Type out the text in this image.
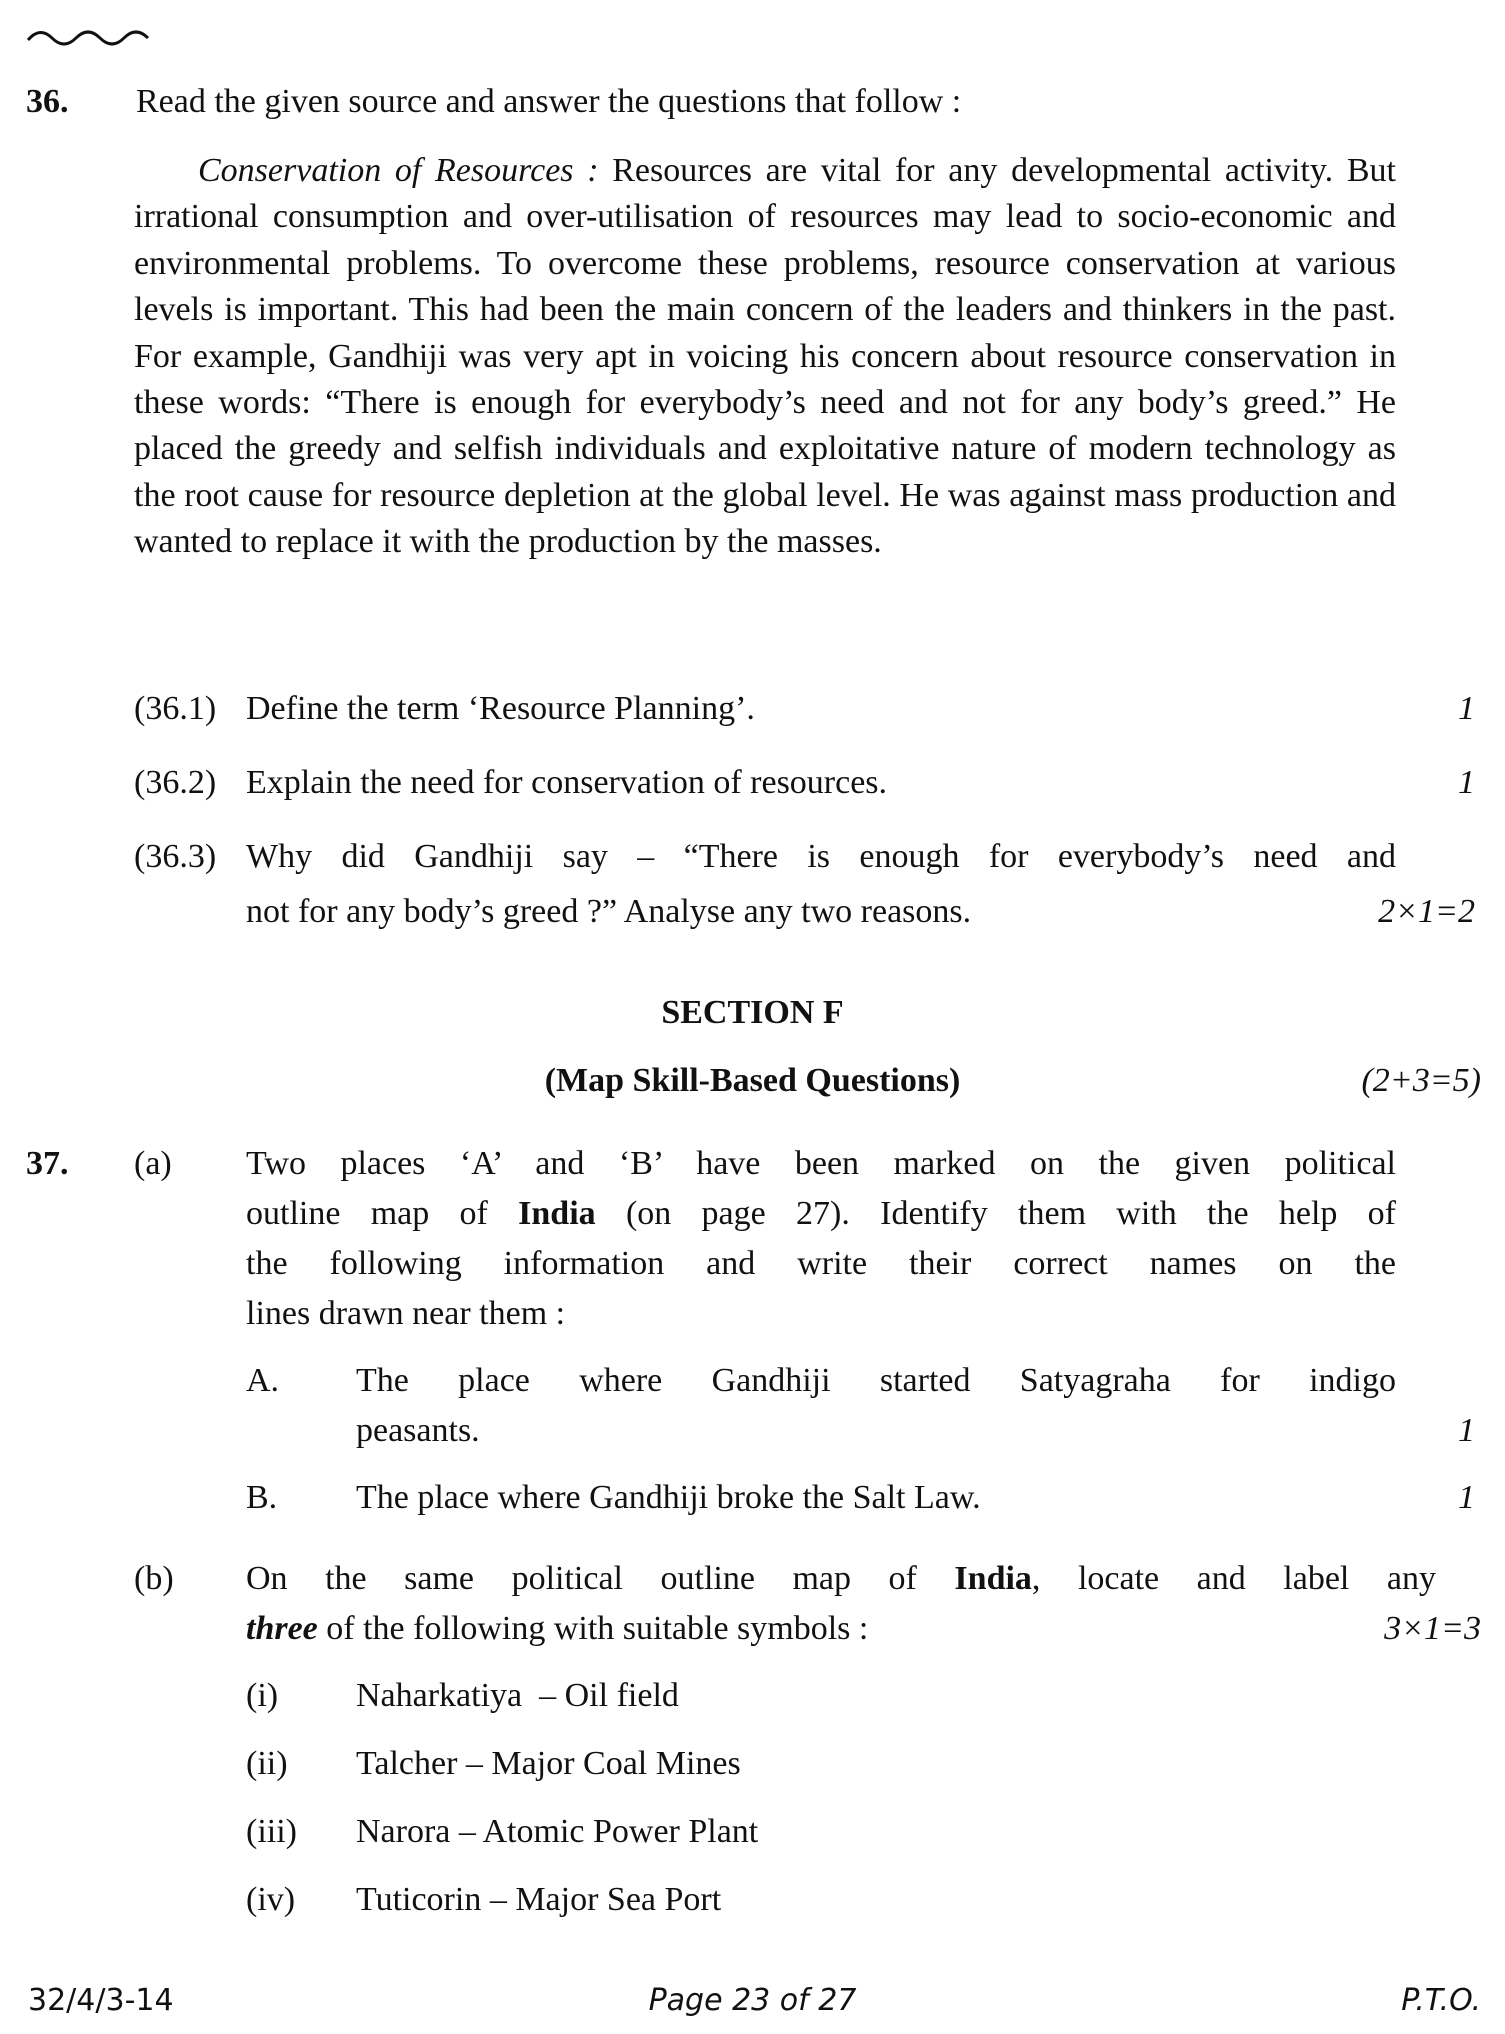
36. Read the given source and answer the questions that follow :
Conservation of Resources : Resources are vital for any developmental activity. But irrational consumption and over-utilisation of resources may lead to socio-economic and environmental problems. To overcome these problems, resource conservation at various levels is important. This had been the main concern of the leaders and thinkers in the past. For example, Gandhiji was very apt in voicing his concern about resource conservation in these words: “There is enough for everybody’s need and not for any body’s greed.” He placed the greedy and selfish individuals and exploitative nature of modern technology as the root cause for resource depletion at the global level. He was against mass production and wanted to replace it with the production by the masses.
(36.1) Define the term ‘Resource Planning’.	1
(36.2) Explain the need for conservation of resources.	1
(36.3) Why did Gandhiji say – “There is enough for everybody’s need and
not for any body’s greed ?” Analyse any two reasons.	2×1=2
SECTION F
(Map Skill-Based Questions)	(2+3=5)
37. (a) Two places ‘A’ and ‘B’ have been marked on the given political
outline map of India (on page 27). Identify them with the help of
the following information and write their correct names on the
lines drawn near them :
A. The place where Gandhiji started Satyagraha for indigo
peasants.	1
B. The place where Gandhiji broke the Salt Law.	1
(b) On the same political outline map of India, locate and label any
three of the following with suitable symbols :	3×1=3
(i) Naharkatiya  – Oil field
(ii) Talcher – Major Coal Mines
(iii) Narora – Atomic Power Plant
(iv) Tuticorin – Major Sea Port
32/4/3-14	Page 23 of 27	P.T.O.
